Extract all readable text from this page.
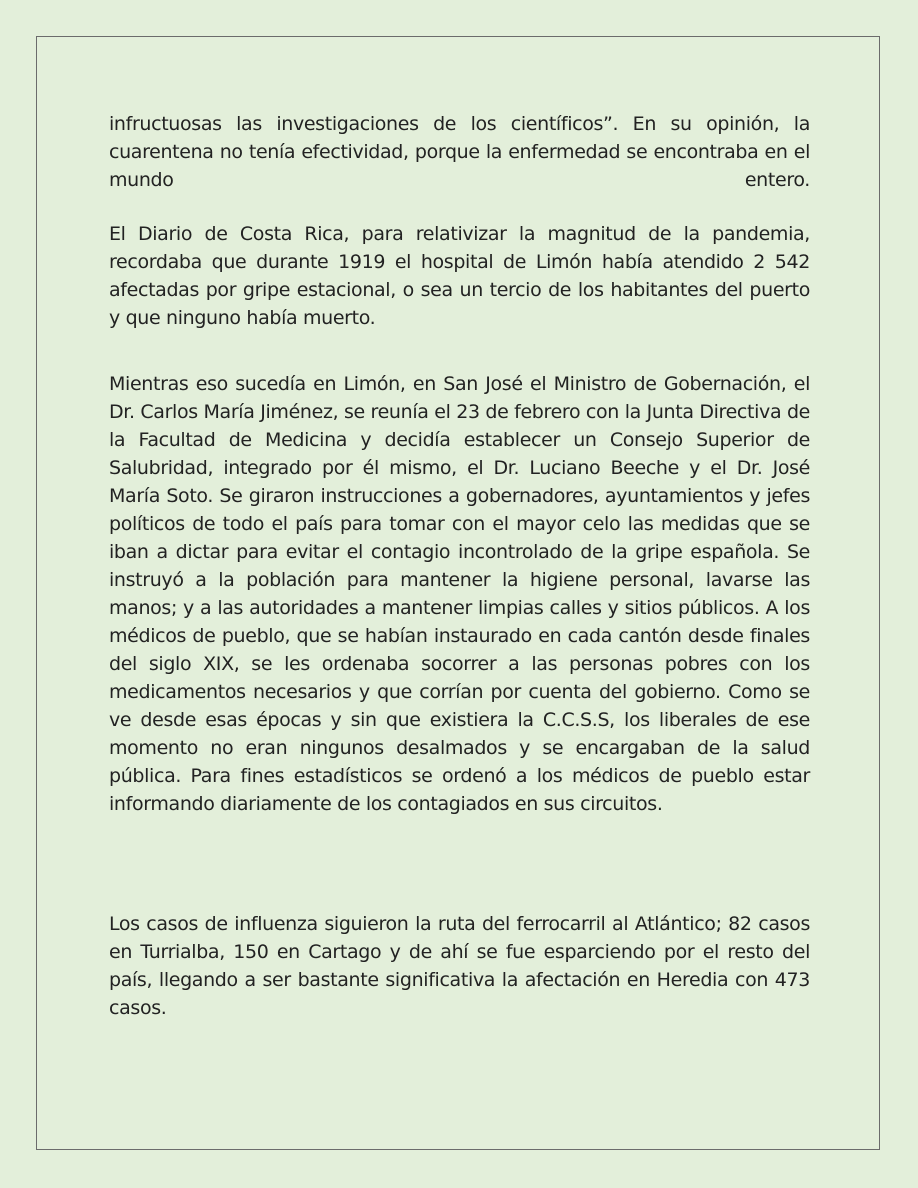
infructuosas las investigaciones de los científicos”. En su opinión, la cuarentena no tenía efectividad, porque la enfermedad se encontraba en el mundo entero.

El Diario de Costa Rica, para relativizar la magnitud de la pandemia, recordaba que durante 1919 el hospital de Limón había atendido 2 542 afectadas por gripe estacional, o sea un tercio de los habitantes del puerto y que ninguno había muerto.

Mientras eso sucedía en Limón, en San José el Ministro de Gobernación, el Dr. Carlos María Jiménez, se reunía el 23 de febrero con la Junta Directiva de la Facultad de Medicina y decidía establecer un Consejo Superior de Salubridad, integrado por él mismo, el Dr. Luciano Beeche y el Dr. José María Soto. Se giraron instrucciones a gobernadores, ayuntamientos y jefes políticos de todo el país para tomar con el mayor celo las medidas que se iban a dictar para evitar el contagio incontrolado de la gripe española. Se instruyó a la población para mantener la higiene personal, lavarse las manos; y a las autoridades a mantener limpias calles y sitios públicos. A los médicos de pueblo, que se habían instaurado en cada cantón desde finales del siglo XIX, se les ordenaba socorrer a las personas pobres con los medicamentos necesarios y que corrían por cuenta del gobierno. Como se ve desde esas épocas y sin que existiera la C.C.S.S, los liberales de ese momento no eran ningunos desalmados y se encargaban de la salud pública. Para fines estadísticos se ordenó a los médicos de pueblo estar informando diariamente de los contagiados en sus circuitos.

Los casos de influenza siguieron la ruta del ferrocarril al Atlántico; 82 casos en Turrialba, 150 en Cartago y de ahí se fue esparciendo por el resto del país, llegando a ser bastante significativa la afectación en Heredia con 473 casos.
